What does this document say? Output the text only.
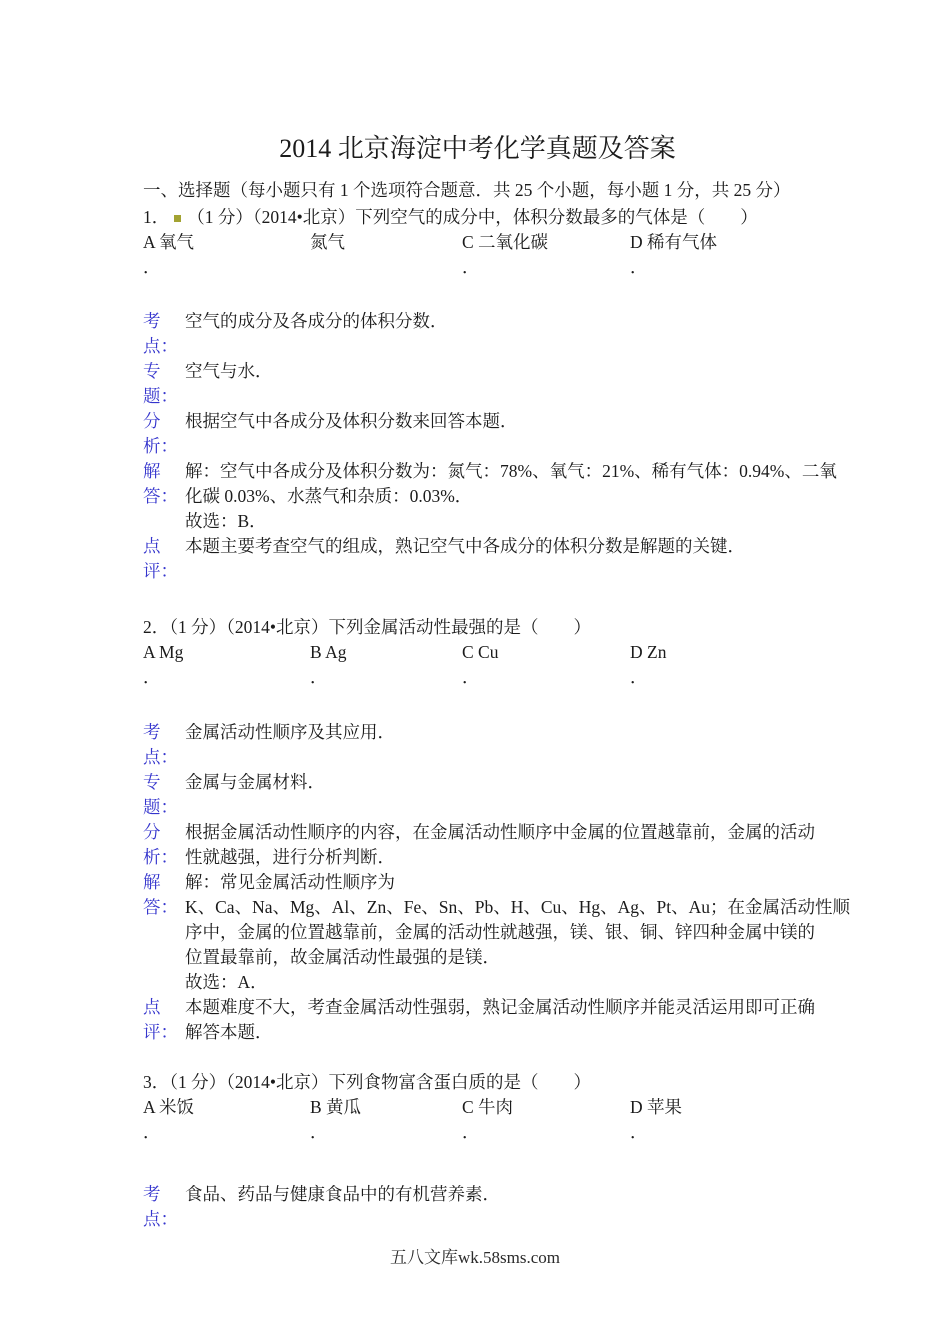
2014 北京海淀中考化学真题及答案
一、选择题（每小题只有 1 个选项符合题意．共 25 个小题，每小题 1 分，共 25 分）
1． （1 分）（2014•北京）下列空气的成分中，体积分数最多的气体是（　　）
A 氧气	氮气	C 二氧化碳	D 稀有气体
．	．	．
考	空气的成分及各成分的体积分数．
点：
专	空气与水．
题：
分	根据空气中各成分及体积分数来回答本题．
析：
解	解：空气中各成分及体积分数为：氮气：78%、氧气：21%、稀有气体：0.94%、二氧
答： 化碳 0.03%、水蒸气和杂质：0.03%．
故选：B．
点	本题主要考查空气的组成，熟记空气中各成分的体积分数是解题的关键．
评：
2．（1 分）（2014•北京）下列金属活动性最强的是（　　）
A Mg	B Ag	C Cu	D Zn
．	．	．	．
考	金属活动性顺序及其应用．
点：
专	金属与金属材料．
题：
分	根据金属活动性顺序的内容，在金属活动性顺序中金属的位置越靠前，金属的活动
析： 性就越强，进行分析判断．
解	解：常见金属活动性顺序为
答： K、Ca、Na、Mg、Al、Zn、Fe、Sn、Pb、H、Cu、Hg、Ag、Pt、Au；在金属活动性顺
序中，金属的位置越靠前，金属的活动性就越强，镁、银、铜、锌四种金属中镁的
位置最靠前，故金属活动性最强的是镁．
故选：A．
点	本题难度不大，考查金属活动性强弱，熟记金属活动性顺序并能灵活运用即可正确
评： 解答本题．
3．（1 分）（2014•北京）下列食物富含蛋白质的是（　　）
A 米饭	B 黄瓜	C 牛肉	D 苹果
．	．	．	．
考	食品、药品与健康食品中的有机营养素．
点：
五八文库wk.58sms.com
